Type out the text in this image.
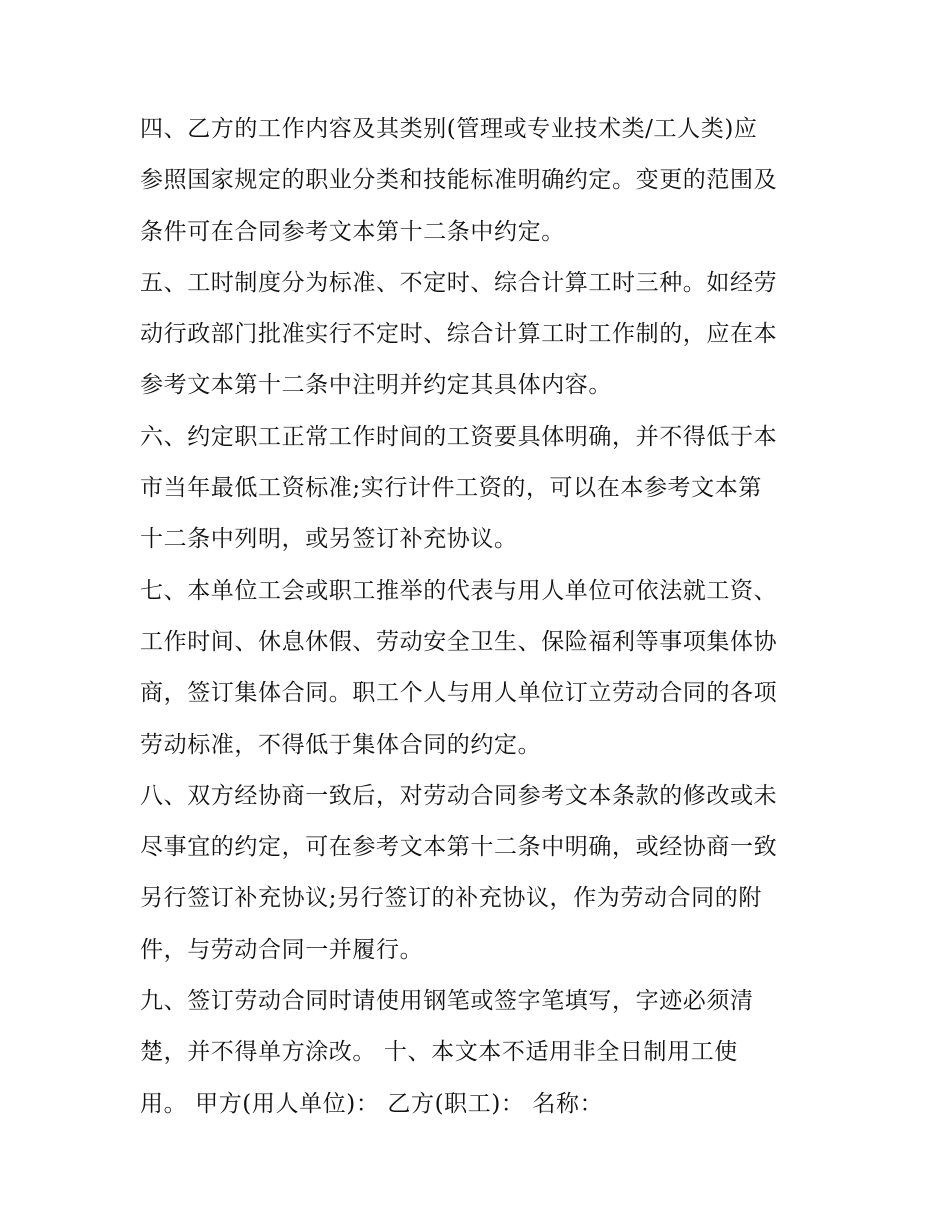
四、乙方的工作内容及其类别(管理或专业技术类/工人类)应
参照国家规定的职业分类和技能标准明确约定。变更的范围及
条件可在合同参考文本第十二条中约定。
五、工时制度分为标准、不定时、综合计算工时三种。如经劳
动行政部门批准实行不定时、综合计算工时工作制的，应在本
参考文本第十二条中注明并约定其具体内容。
六、约定职工正常工作时间的工资要具体明确，并不得低于本
市当年最低工资标准;实行计件工资的，可以在本参考文本第
十二条中列明，或另签订补充协议。
七、本单位工会或职工推举的代表与用人单位可依法就工资、
工作时间、休息休假、劳动安全卫生、保险福利等事项集体协
商，签订集体合同。职工个人与用人单位订立劳动合同的各项
劳动标准，不得低于集体合同的约定。
八、双方经协商一致后，对劳动合同参考文本条款的修改或未
尽事宜的约定，可在参考文本第十二条中明确，或经协商一致
另行签订补充协议;另行签订的补充协议，作为劳动合同的附
件，与劳动合同一并履行。
九、签订劳动合同时请使用钢笔或签字笔填写，字迹必须清
楚，并不得单方涂改。 十、本文本不适用非全日制用工使
用。 甲方(用人单位)： 乙方(职工)： 名称：
